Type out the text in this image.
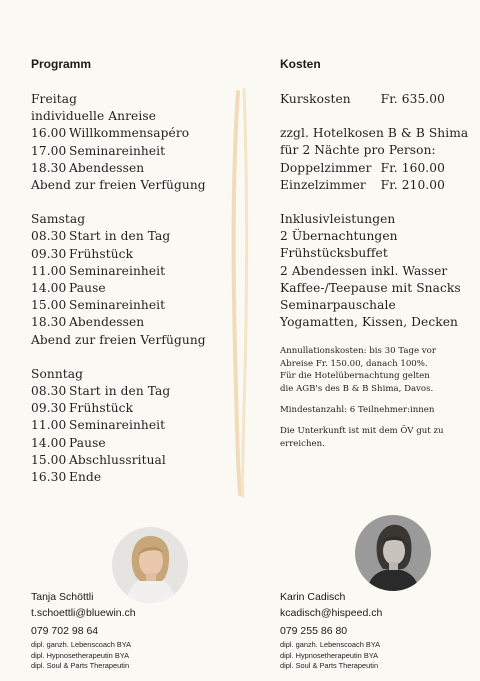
Programm	Kosten
Freitag
individuelle Anreise
16.00 Willkommensapéro
17.00 Seminareinheit
18.30 Abendessen
Abend zur freien Verfügung
Samstag
08.30 Start in den Tag
09.30 Frühstück
11.00 Seminareinheit
14.00 Pause
15.00 Seminareinheit
18.30 Abendessen
Abend zur freien Verfügung
Sonntag
08.30 Start in den Tag
09.30 Frühstück
11.00 Seminareinheit
14.00 Pause
15.00 Abschlussritual
16.30 Ende
Kurskosten	Fr. 635.00
zzgl. Hotelkosen B & B Shima
für 2 Nächte pro Person:
Doppelzimmer Fr. 160.00
Einzelzimmer	Fr. 210.00
Inklusivleistungen
2 Übernachtungen
Frühstücksbuffet
2 Abendessen inkl. Wasser
Kaffee-/Teepause mit Snacks
Seminarpauschale
Yogamatten, Kissen, Decken
Annullationskosten: bis 30 Tage vor Abreise Fr. 150.00, danach 100%. Für die Hotelübernachtung gelten die AGB's des B & B Shima, Davos.
Mindestanzahl: 6 Teilnehmer:innen
Die Unterkunft ist mit dem ÖV gut zu erreichen.
Tanja Schöttli
t.schoettli@bluewin.ch
079 702 98 64
dipl. ganzh. Lebenscoach BYA
dipl. Hypnosetherapeutin BYA
dipl. Soul & Parts Therapeutin
Karin Cadisch
kcadisch@hispeed.ch
079 255 86 80
dipl. ganzh. Lebenscoach BYA
dipl. Hypnosetherapeutin BYA
dipl. Soul & Parts Therapeutin
